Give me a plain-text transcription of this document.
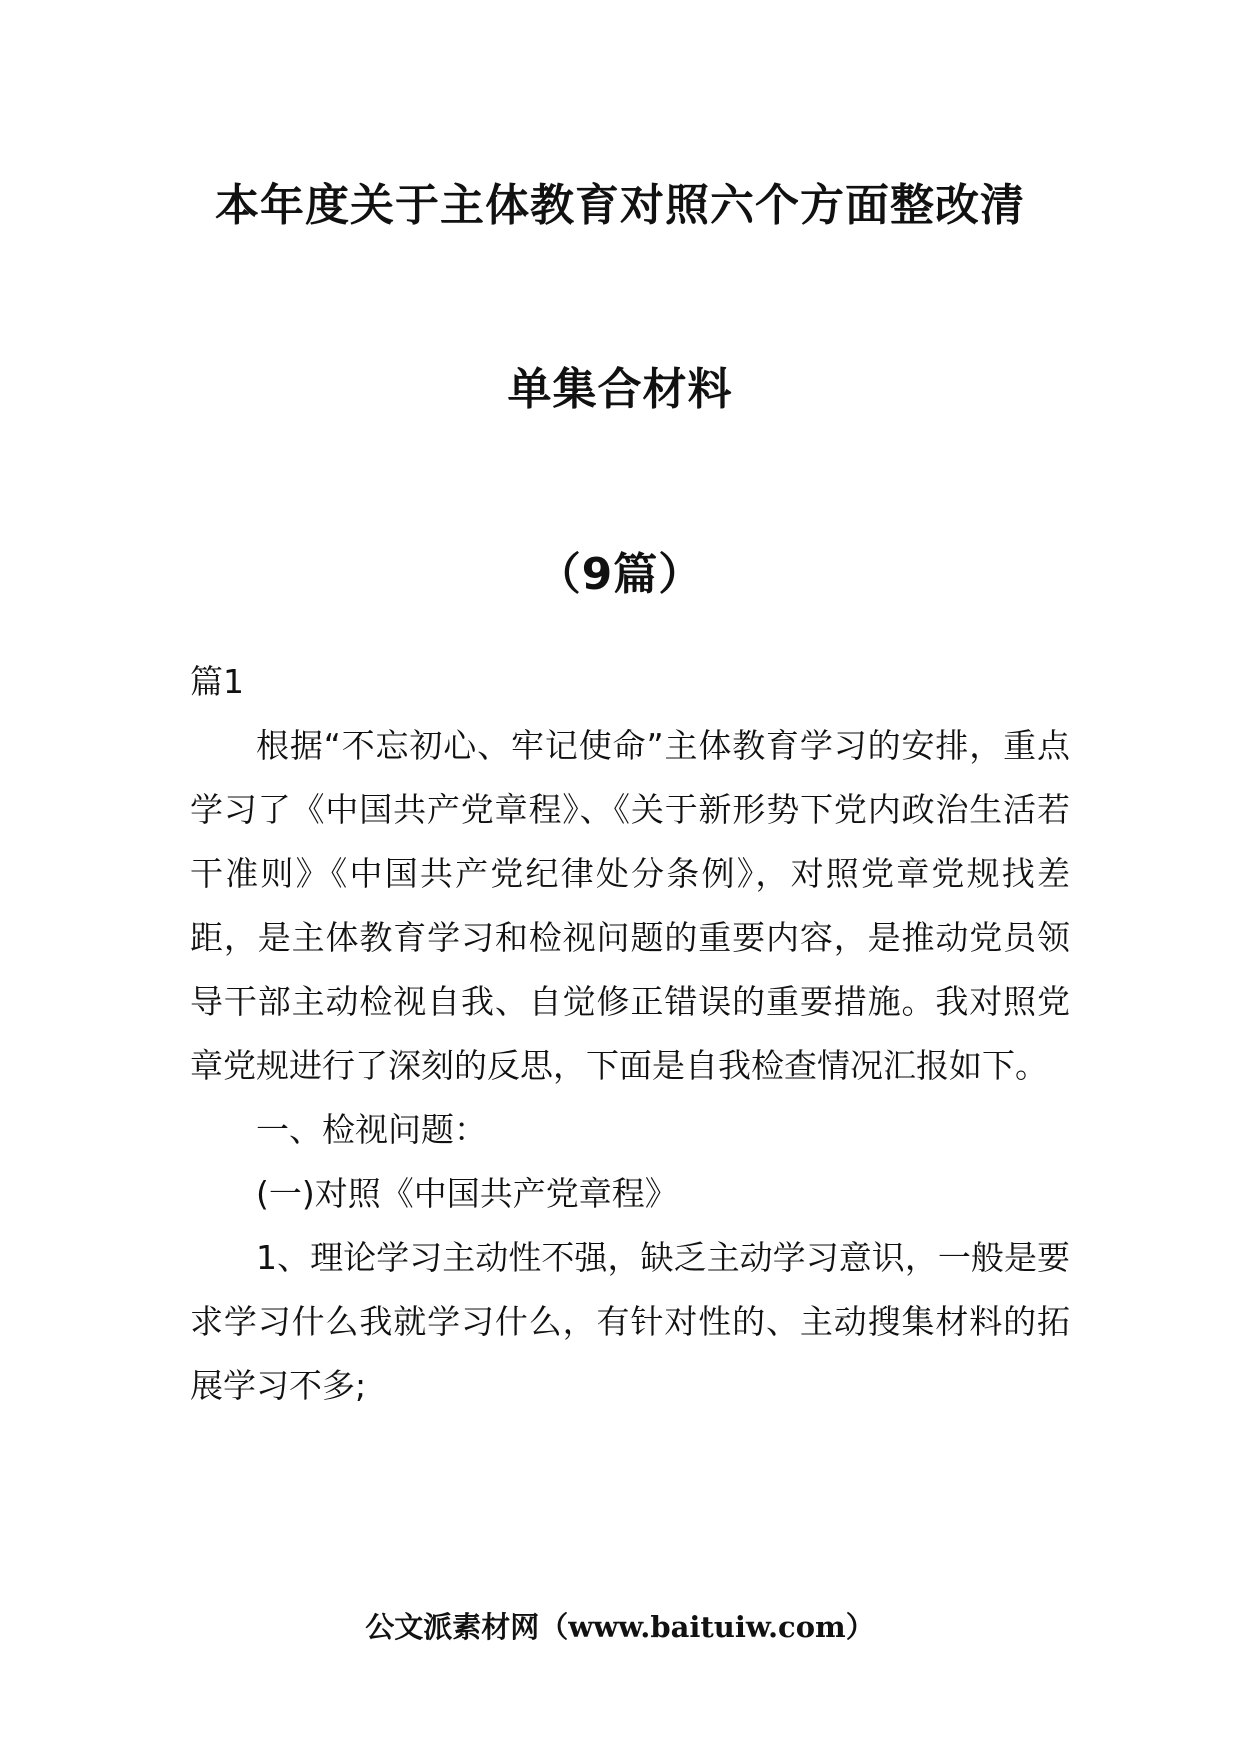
本年度关于主体教育对照六个方面整改清
单集合材料
（9篇）

篇1

根据“不忘初心、牢记使命”主体教育学习的安排，重点学习了《中国共产党章程》、《关于新形势下党内政治生活若干准则》《中国共产党纪律处分条例》，对照党章党规找差距，是主体教育学习和检视问题的重要内容，是推动党员领导干部主动检视自我、自觉修正错误的重要措施。我对照党章党规进行了深刻的反思，下面是自我检查情况汇报如下。

一、检视问题：

(一)对照《中国共产党章程》

1、理论学习主动性不强，缺乏主动学习意识，一般是要求学习什么我就学习什么，有针对性的、主动搜集材料的拓展学习不多;

公文派素材网（www.baituiw.com）
